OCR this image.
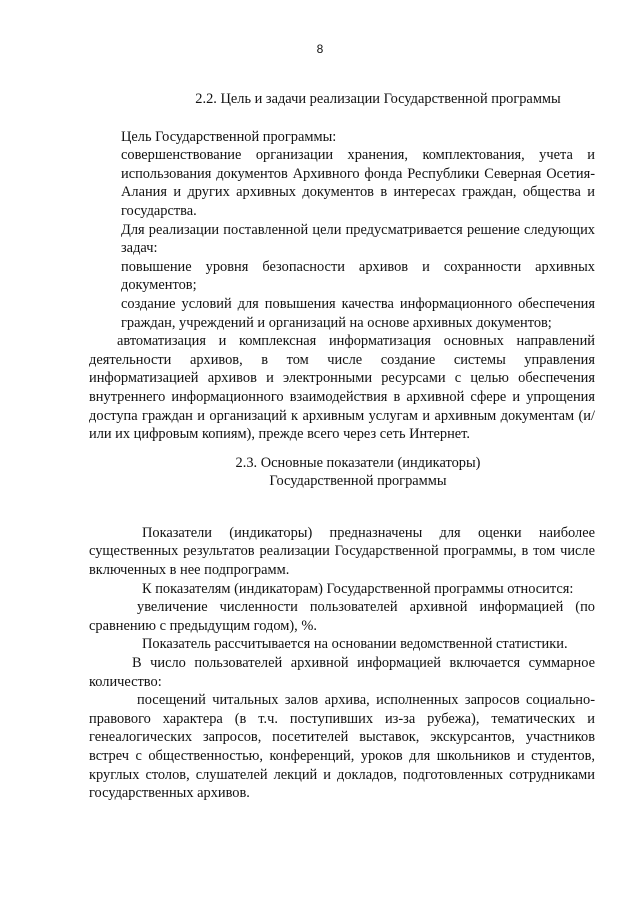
8
2.2. Цель и задачи реализации Государственной программы

Цель Государственной программы:

совершенствование организации хранения, комплектования, учета и использования документов Архивного фонда Республики Северная Осетия-Алания и других архивных документов в интересах граждан, общества и государства.

Для реализации поставленной цели предусматривается решение следующих задач:

повышение уровня безопасности архивов и сохранности архивных документов;

создание условий для повышения качества информационного обеспечения граждан, учреждений и организаций на основе архивных документов;

автоматизация и комплексная информатизация основных направлений деятельности архивов, в том числе создание системы управления информатизацией архивов и электронными ресурсами с целью обеспечения внутреннего информационного взаимодействия в архивной сфере и упрощения доступа граждан и организаций к архивным услугам и архивным документам (и/или их цифровым копиям), прежде всего через сеть Интернет.

2.3. Основные показатели (индикаторы)
Государственной программы

Показатели (индикаторы) предназначены для оценки наиболее существенных результатов реализации Государственной программы, в том числе включенных в нее подпрограмм.

К показателям (индикаторам) Государственной программы относится:

увеличение численности пользователей архивной информацией (по сравнению с предыдущим годом), %.

Показатель рассчитывается на основании ведомственной статистики.

В число пользователей архивной информацией включается суммарное количество:

посещений читальных залов архива, исполненных запросов социально-правового характера (в т.ч. поступивших из-за рубежа), тематических и генеалогических запросов, посетителей выставок, экскурсантов, участников встреч с общественностью, конференций, уроков для школьников и студентов, круглых столов, слушателей лекций и докладов, подготовленных сотрудниками государственных архивов.
